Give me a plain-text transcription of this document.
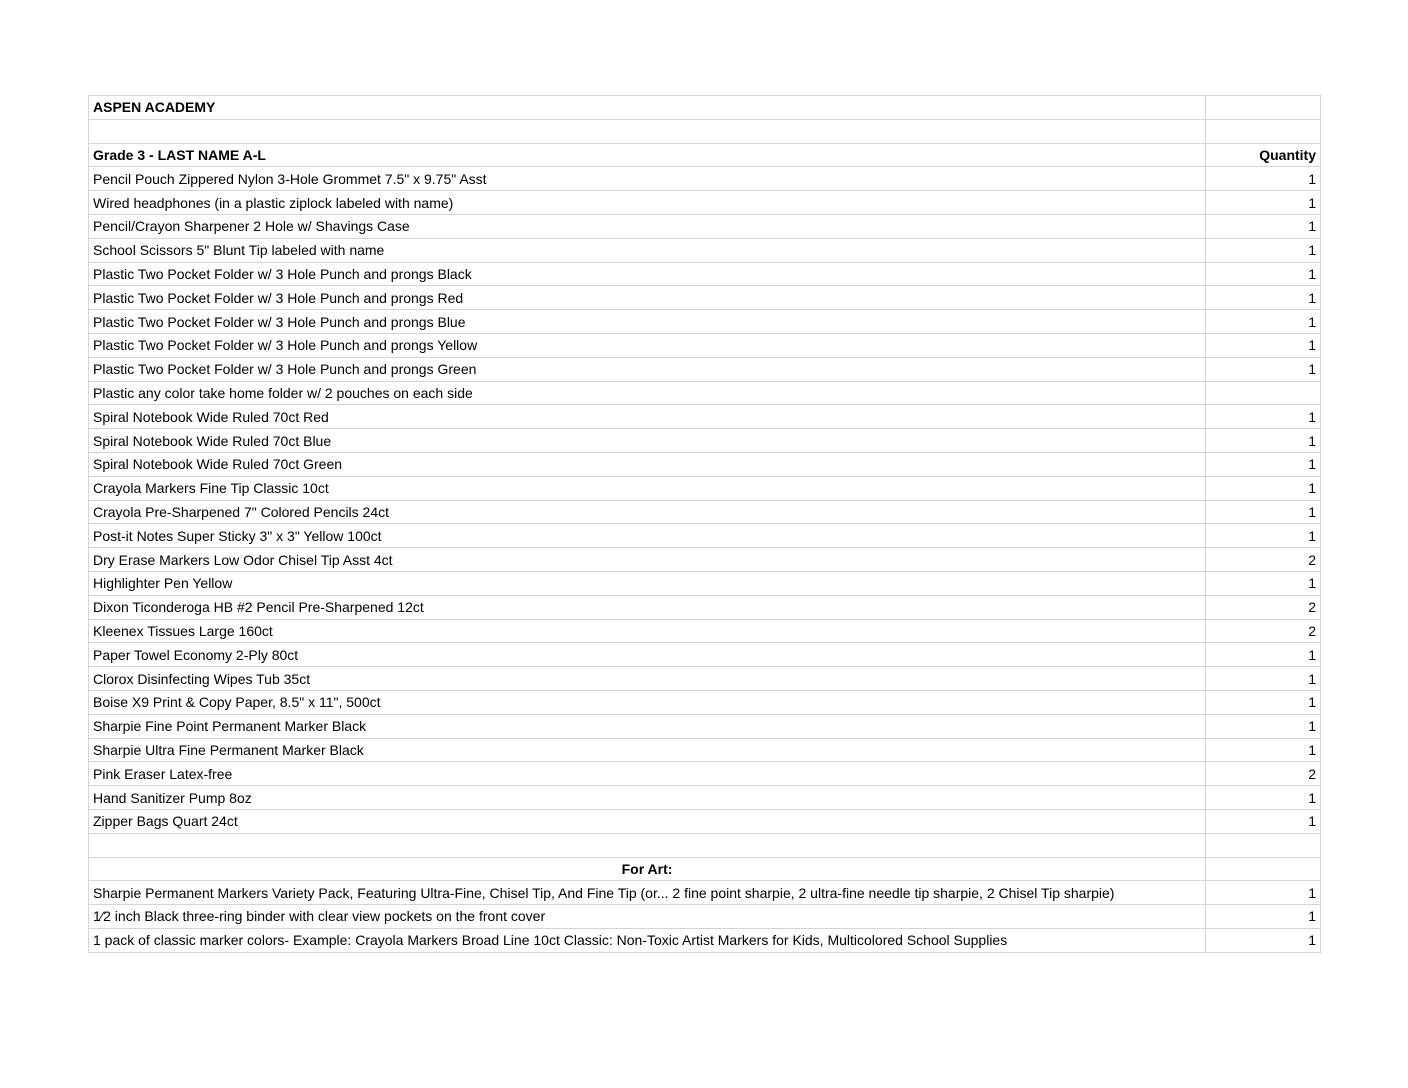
ASPEN ACADEMY	

Grade 3 - LAST NAME A-L	Quantity
Pencil Pouch Zippered Nylon 3-Hole Grommet 7.5" x 9.75" Asst	1
Wired headphones (in a plastic ziplock labeled with name)	1
Pencil/Crayon Sharpener 2 Hole w/ Shavings Case	1
School Scissors 5" Blunt Tip labeled with name	1
Plastic Two Pocket Folder w/ 3 Hole Punch and prongs Black	1
Plastic Two Pocket Folder w/ 3 Hole Punch and prongs Red	1
Plastic Two Pocket Folder w/ 3 Hole Punch and prongs Blue	1
Plastic Two Pocket Folder w/ 3 Hole Punch and prongs Yellow	1
Plastic Two Pocket Folder w/ 3 Hole Punch and prongs Green	1
Plastic any color take home folder w/ 2 pouches on each side	
Spiral Notebook Wide Ruled 70ct Red	1
Spiral Notebook Wide Ruled 70ct Blue	1
Spiral Notebook Wide Ruled 70ct Green	1
Crayola Markers Fine Tip Classic 10ct	1
Crayola Pre-Sharpened 7" Colored Pencils 24ct	1
Post-it Notes Super Sticky 3" x 3" Yellow 100ct	1
Dry Erase Markers Low Odor Chisel Tip Asst 4ct	2
Highlighter Pen Yellow	1
Dixon Ticonderoga HB #2 Pencil Pre-Sharpened 12ct	2
Kleenex Tissues Large 160ct	2
Paper Towel Economy 2-Ply 80ct	1
Clorox Disinfecting Wipes Tub 35ct	1
Boise X9 Print & Copy Paper, 8.5" x 11", 500ct	1
Sharpie Fine Point Permanent Marker Black	1
Sharpie Ultra Fine Permanent Marker Black	1
Pink Eraser Latex-free	2
Hand Sanitizer Pump 8oz	1
Zipper Bags Quart 24ct	1

For Art:	
Sharpie Permanent Markers Variety Pack, Featuring Ultra-Fine, Chisel Tip, And Fine Tip (or... 2 fine point sharpie, 2 ultra-fine needle tip sharpie, 2 Chisel Tip sharpie)	1
1⁄2 inch Black three-ring binder with clear view pockets on the front cover	1
1 pack of classic marker colors- Example: Crayola Markers Broad Line 10ct Classic: Non-Toxic Artist Markers for Kids, Multicolored School Supplies	1
